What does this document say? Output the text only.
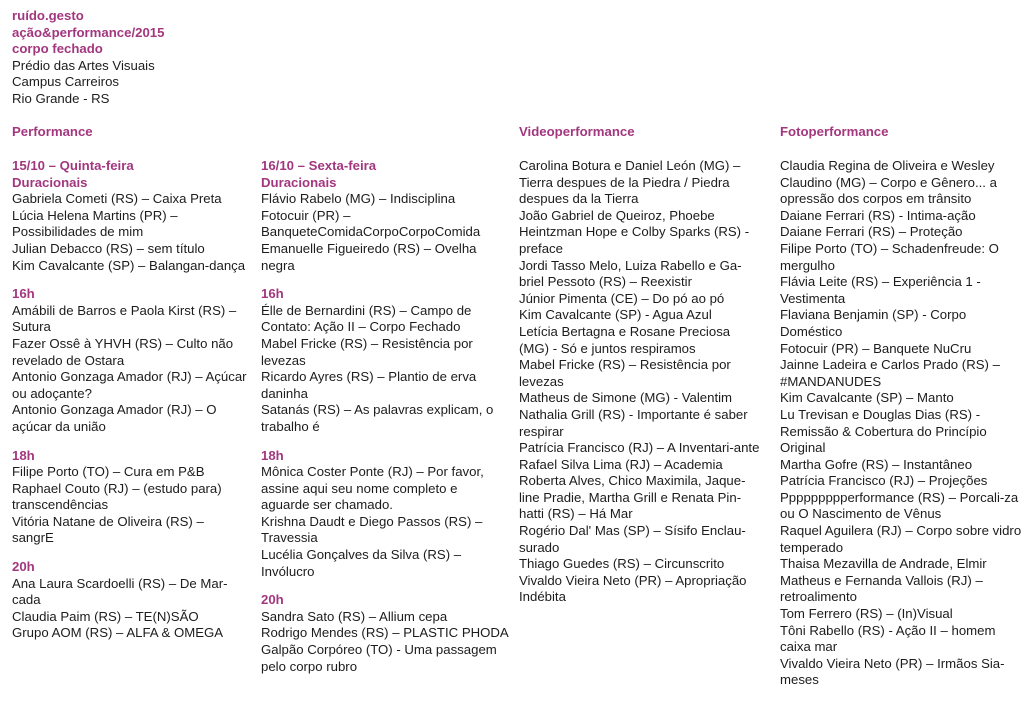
ruído.gesto
ação&performance/2015
corpo fechado
Prédio das Artes Visuais
Campus Carreiros
Rio Grande - RS
Performance
15/10 – Quinta-feira
Duracionais
Gabriela Cometi (RS) – Caixa Preta
Lúcia Helena Martins (PR) – Possibilidades de mim
Julian Debacco (RS) – sem título
Kim Cavalcante (SP) – Balangan-dança
16h
Amábili de Barros e Paola Kirst (RS) – Sutura
Fazer Ossê à YHVH (RS) – Culto não revelado de Ostara
Antonio Gonzaga Amador (RJ) – Açúcar ou adoçante?
Antonio Gonzaga Amador (RJ) – O açúcar da união
18h
Filipe Porto (TO) – Cura em P&B
Raphael Couto (RJ) – (estudo para) transcendências
Vitória Natane de Oliveira (RS) – sangrE
20h
Ana Laura Scardoelli (RS) – De Mar-cada
Claudia Paim (RS) – TE(N)SÃO
Grupo AOM (RS) – ALFA & OMEGA
16/10 – Sexta-feira
Duracionais
Flávio Rabelo (MG) – Indisciplina
Fotocuir (PR) – BanqueteComidaCorpoCorpoComida
Emanuelle Figueiredo (RS) – Ovelha negra
16h
Élle de Bernardini (RS) – Campo de Contato: Ação II – Corpo Fechado
Mabel Fricke (RS) – Resistência por levezas
Ricardo Ayres (RS) – Plantio de erva daninha
Satanás (RS) – As palavras explicam, o trabalho é
18h
Mônica Coster Ponte (RJ) – Por favor, assine aqui seu nome completo e aguarde ser chamado.
Krishna Daudt e Diego Passos (RS) – Travessia
Lucélia Gonçalves da Silva (RS) – Invólucro
20h
Sandra Sato (RS) – Allium cepa
Rodrigo Mendes (RS) – PLASTIC PHODA
Galpão Corpóreo (TO) - Uma passagem pelo corpo rubro
Videoperformance
Carolina Botura e Daniel León (MG) – Tierra despues de la Piedra / Piedra despues da la Tierra
João Gabriel de Queiroz, Phoebe Heintzman Hope e Colby Sparks (RS) - preface
Jordi Tasso Melo, Luiza Rabello e Ga-briel Pessoto (RS) – Reexistir
Júnior Pimenta (CE) – Do pó ao pó
Kim Cavalcante (SP) - Agua Azul
Letícia Bertagna e Rosane Preciosa (MG) - Só e juntos respiramos
Mabel Fricke (RS) – Resistência por levezas
Matheus de Simone (MG) - Valentim
Nathalia Grill (RS) - Importante é saber respirar
Patrícia Francisco (RJ) – A Inventari-ante
Rafael Silva Lima (RJ) – Academia
Roberta Alves, Chico Maximila, Jaque-line Pradie, Martha Grill e Renata Pin-hatti (RS) – Há Mar
Rogério Dal' Mas (SP) – Sísifo Enclau-surado
Thiago Guedes (RS) – Circunscrito
Vivaldo Vieira Neto (PR) – Apropriação Indébita
Fotoperformance
Claudia Regina de Oliveira e Wesley Claudino (MG) – Corpo e Gênero... a opressão dos corpos em trânsito
Daiane Ferrari (RS) - Intima-ação
Daiane Ferrari (RS) – Proteção
Filipe Porto (TO) – Schadenfreude: O mergulho
Flávia Leite (RS) – Experiência 1 - Vestimenta
Flaviana Benjamin (SP) - Corpo Doméstico
Fotocuir (PR) – Banquete NuCru
Jainne Ladeira e Carlos Prado (RS) – #MANDANUDES
Kim Cavalcante (SP) – Manto
Lu Trevisan e Douglas Dias (RS) - Remissão & Cobertura do Princípio Original
Martha Gofre (RS) – Instantâneo
Patrícia Francisco (RJ) – Projeções
Ppppppppperformance (RS) – Porcali-za ou O Nascimento de Vênus
Raquel Aguilera (RJ) – Corpo sobre vidro temperado
Thaisa Mezavilla de Andrade, Elmir Matheus e Fernanda Vallois (RJ) – retroalimento
Tom Ferrero (RS) – (In)Visual
Tôni Rabello (RS) - Ação II – homem caixa mar
Vivaldo Vieira Neto (PR) – Irmãos Sia-meses
